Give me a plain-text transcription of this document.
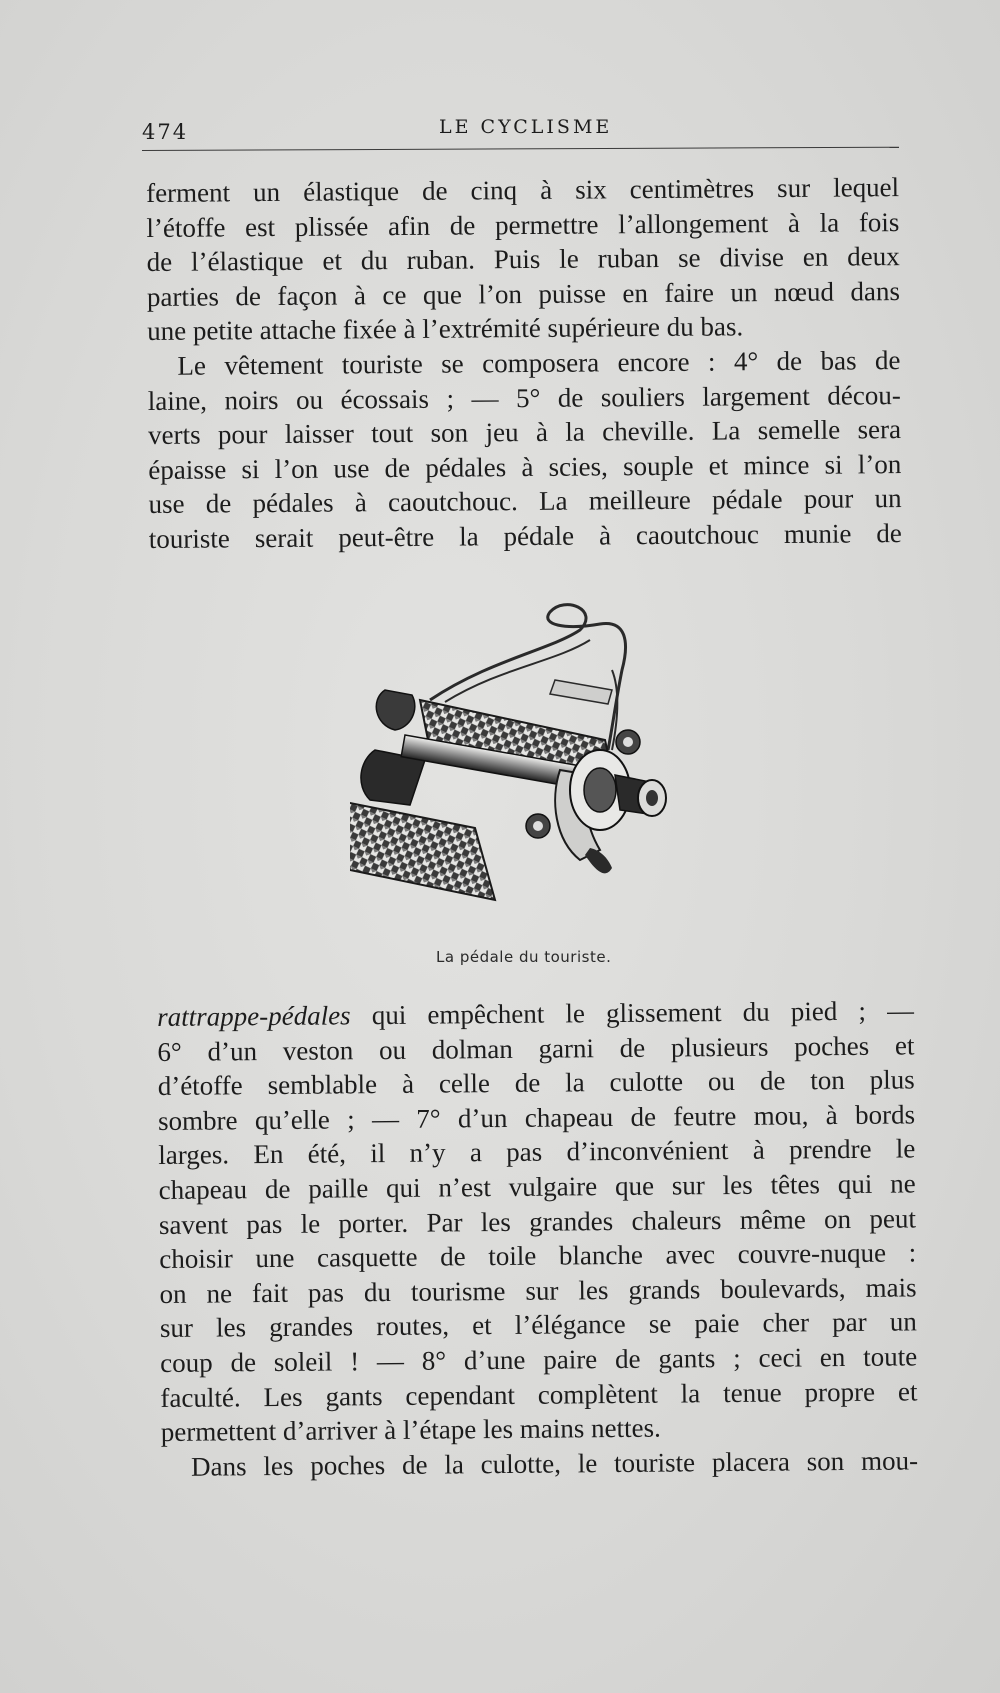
474	LE CYCLISME
ferment un élastique de cinq à six centimètres sur lequel
l’étoffe est plissée afin de permettre l’allongement à la fois
de l’élastique et du ruban. Puis le ruban se divise en deux
parties de façon à ce que l’on puisse en faire un nœud dans
une petite attache fixée à l’extrémité supérieure du bas.
Le vêtement touriste se composera encore : 4° de bas de
laine, noirs ou écossais ; — 5° de souliers largement décou-
verts pour laisser tout son jeu à la cheville. La semelle sera
épaisse si l’on use de pédales à scies, souple et mince si l’on
use de pédales à caoutchouc. La meilleure pédale pour un
touriste serait peut-être la pédale à caoutchouc munie de
La pédale du touriste.
rattrappe-pédales qui empêchent le glissement du pied ; —
6° d’un veston ou dolman garni de plusieurs poches et
d’étoffe semblable à celle de la culotte ou de ton plus
sombre qu’elle ; — 7° d’un chapeau de feutre mou, à bords
larges. En été, il n’y a pas d’inconvénient à prendre le
chapeau de paille qui n’est vulgaire que sur les têtes qui ne
savent pas le porter. Par les grandes chaleurs même on peut
choisir une casquette de toile blanche avec couvre-nuque :
on ne fait pas du tourisme sur les grands boulevards, mais
sur les grandes routes, et l’élégance se paie cher par un
coup de soleil ! — 8° d’une paire de gants ; ceci en toute
faculté. Les gants cependant complètent la tenue propre et
permettent d’arriver à l’étape les mains nettes.
Dans les poches de la culotte, le touriste placera son mou-
